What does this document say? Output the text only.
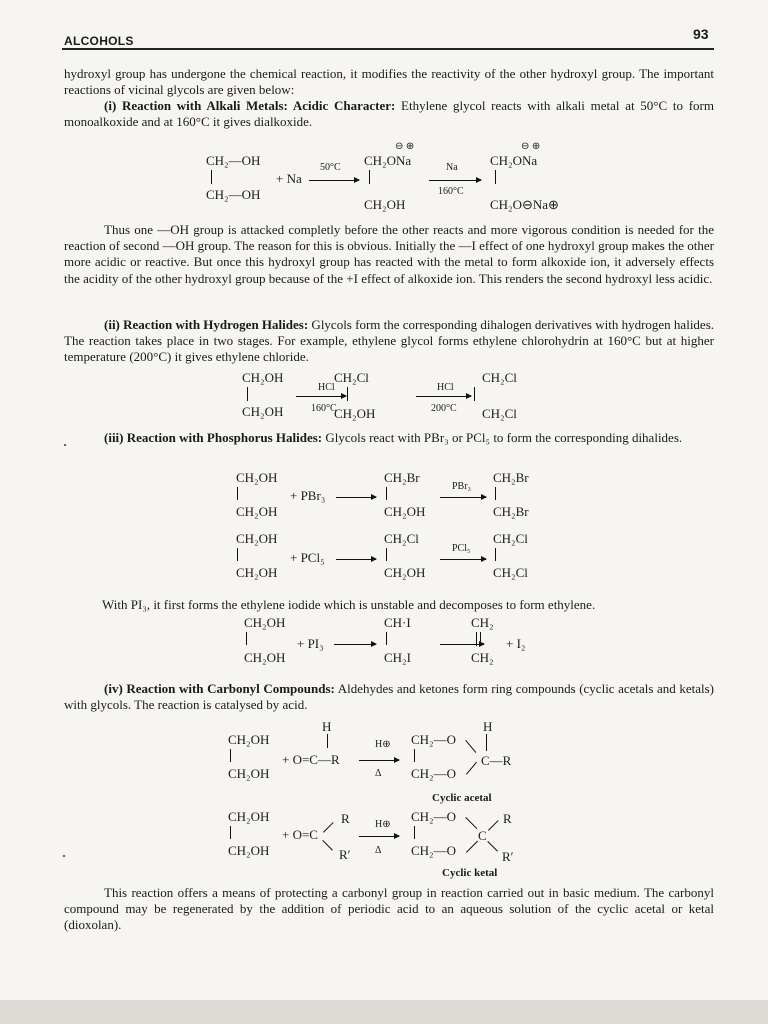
ALCOHOLS	93
hydroxyl group has undergone the chemical reaction, it modifies the reactivity of the other hydroxyl group. The important reactions of vicinal glycols are given below:
(i) Reaction with Alkali Metals: Acidic Character: Ethylene glycol reacts with alkali metal at 50°C to form monoalkoxide and at 160°C it gives dialkoxide.
CH₂—OH
CH₂—OH
+ Na
50°C
⊖ ⊕
CH₂ONa
CH₂OH
Na
160°C
⊖ ⊕
CH₂ONa
CH₂O⊖Na⊕
Thus one —OH group is attacked completly before the other reacts and more vigorous condition is needed for the reaction of second —OH group. The reason for this is obvious. Initially the —I effect of one hydroxyl group makes the other more acidic or reactive. But once this hydroxyl group has reacted with the metal to form alkoxide ion, it adversely effects the acidity of the other hydroxyl group because of the +I effect of alkoxide ion. This renders the second hydroxyl less acidic.
(ii) Reaction with Hydrogen Halides: Glycols form the corresponding dihalogen derivatives with hydrogen halides. The reaction takes place in two stages. For example, ethylene glycol forms ethylene chlorohydrin at 160°C but at higher temperature (200°C) it gives ethylene chloride.
CH₂OH
CH₂OH
HCl
160°C
CH₂Cl
CH₂OH
HCl
200°C
CH₂Cl
CH₂Cl
(iii) Reaction with Phosphorus Halides: Glycols react with PBr₃ or PCl₅ to form the corresponding dihalides.
CH₂OH
CH₂OH
+ PBr₃ →
CH₂Br
CH₂OH
PBr₃
CH₂Br
CH₂Br
CH₂OH
CH₂OH
+ PCl₅ →
CH₂Cl
CH₂OH
PCl₅
CH₂Cl
CH₂Cl
With PI₃, it first forms the ethylene iodide which is unstable and decomposes to form ethylene.
CH₂OH
CH₂OH
+ PI₃ →
CH·I
CH₂I
CH₂
CH₂
+ I₂
(iv) Reaction with Carbonyl Compounds: Aldehydes and ketones form ring compounds (cyclic acetals and ketals) with glycols. The reaction is catalysed by acid.
CH₂OH
CH₂OH
H
+ O=C—R
H⊕
Δ
CH₂—O
CH₂—O
H
C—R
Cyclic acetal
CH₂OH
CH₂OH
+ O=C
R
R′
H⊕
Δ
CH₂—O
CH₂—O
C
R
R′
Cyclic ketal
This reaction offers a means of protecting a carbonyl group in reaction carried out in basic medium. The carbonyl compound may be regenerated by the addition of periodic acid to an aqueous solution of the cyclic acetal or ketal (dioxolan).
